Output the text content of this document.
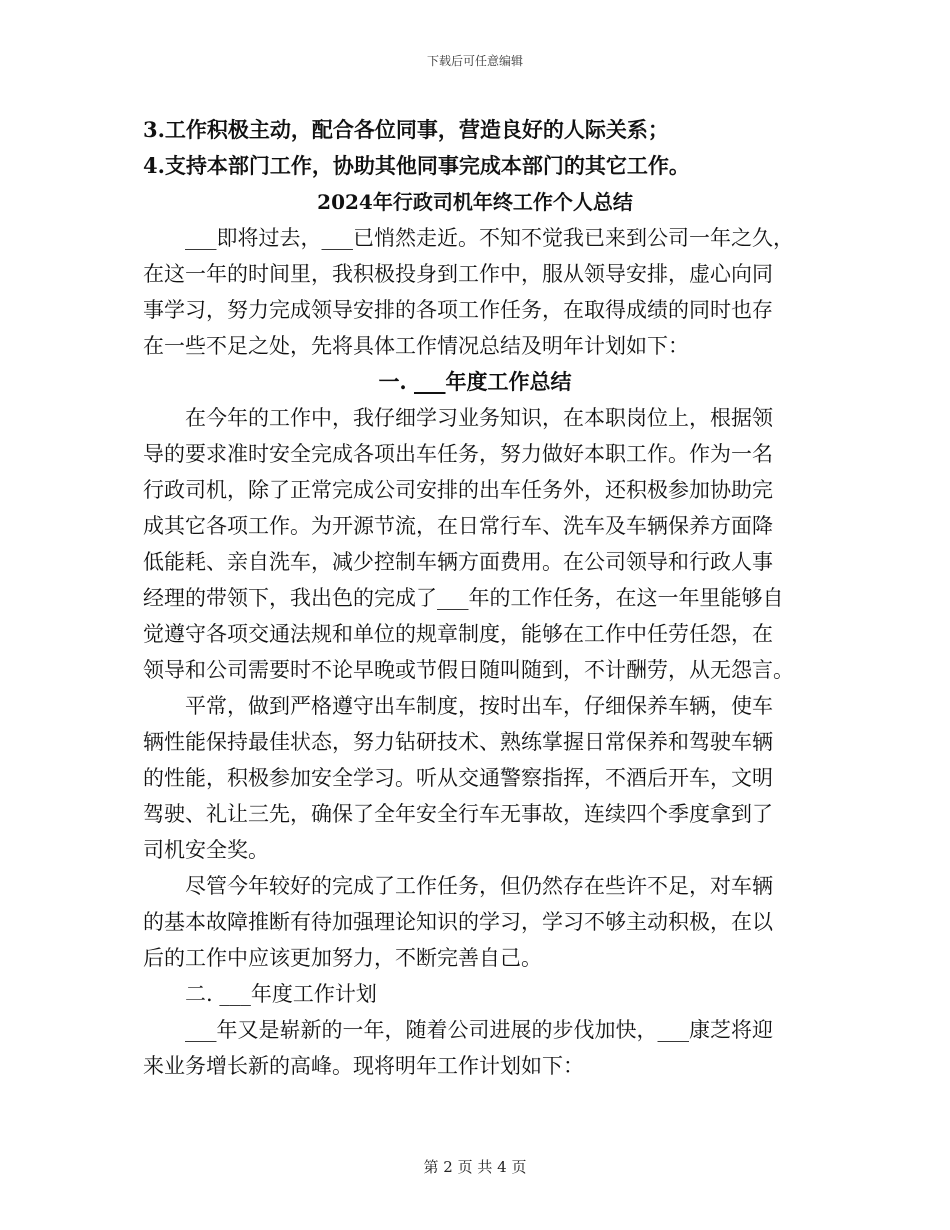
下载后可任意编辑
3.工作积极主动，配合各位同事，营造良好的人际关系；
4.支持本部门工作，协助其他同事完成本部门的其它工作。
2024年行政司机年终工作个人总结
___即将过去，___已悄然走近。不知不觉我已来到公司一年之久，
在这一年的时间里，我积极投身到工作中，服从领导安排，虚心向同
事学习，努力完成领导安排的各项工作任务，在取得成绩的同时也存
在一些不足之处，先将具体工作情况总结及明年计划如下：
一. ___年度工作总结
在今年的工作中，我仔细学习业务知识，在本职岗位上，根据领
导的要求准时安全完成各项出车任务，努力做好本职工作。作为一名
行政司机，除了正常完成公司安排的出车任务外，还积极参加协助完
成其它各项工作。为开源节流，在日常行车、洗车及车辆保养方面降
低能耗、亲自洗车，减少控制车辆方面费用。在公司领导和行政人事
经理的带领下，我出色的完成了___年的工作任务，在这一年里能够自
觉遵守各项交通法规和单位的规章制度，能够在工作中任劳任怨，在
领导和公司需要时不论早晚或节假日随叫随到，不计酬劳，从无怨言。
平常，做到严格遵守出车制度，按时出车，仔细保养车辆，使车
辆性能保持最佳状态，努力钻研技术、熟练掌握日常保养和驾驶车辆
的性能，积极参加安全学习。听从交通警察指挥，不酒后开车，文明
驾驶、礼让三先，确保了全年安全行车无事故，连续四个季度拿到了
司机安全奖。
尽管今年较好的完成了工作任务，但仍然存在些许不足，对车辆
的基本故障推断有待加强理论知识的学习，学习不够主动积极，在以
后的工作中应该更加努力，不断完善自己。
二. ___年度工作计划
___年又是崭新的一年，随着公司进展的步伐加快，___康芝将迎
来业务增长新的高峰。现将明年工作计划如下：
第 2 页 共 4 页
